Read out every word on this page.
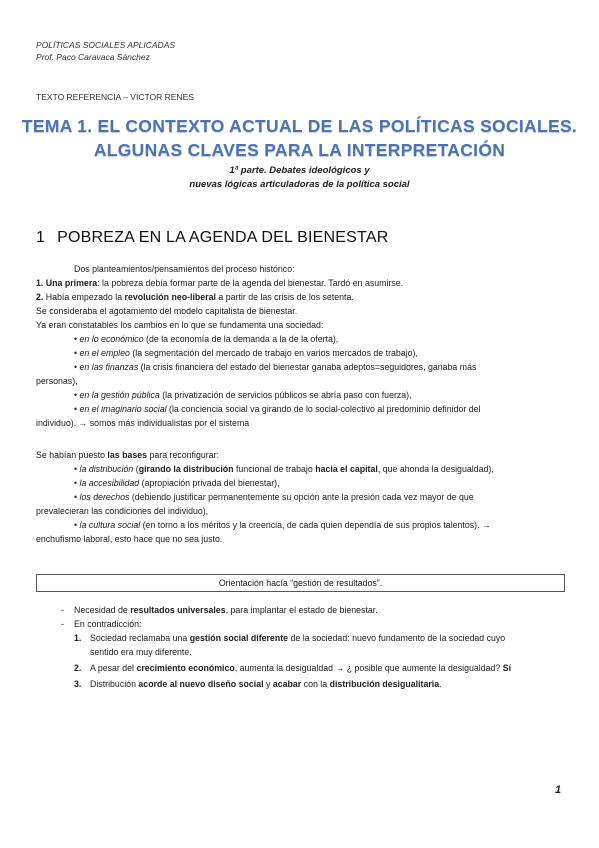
POLÍTICAS SOCIALES APLICADAS
Prof. Paco Caravaca Sánchez
TEXTO REFERENCIA – VICTOR RENES
TEMA 1. EL CONTEXTO ACTUAL DE LAS POLÍTICAS SOCIALES.
ALGUNAS CLAVES PARA LA INTERPRETACIÓN
1ª parte. Debates ideológicos y
nuevas lógicas articuladoras de la política social
1 POBREZA EN LA AGENDA DEL BIENESTAR
Dos planteamientos/pensamientos del proceso histórico:
1. Una primera: la pobreza debía formar parte de la agenda del bienestar. Tardó en asumirse.
2. Había empezado la revolución neo-liberal a partir de las crisis de los setenta.
Se consideraba el agotamiento del modelo capitalista de bienestar.
Ya eran constatables los cambios en lo que se fundamenta una sociedad:
• en lo económico (de la economía de la demanda a la de la oferta),
• en el empleo (la segmentación del mercado de trabajo en varios mercados de trabajo),
• en las finanzas (la crisis financiera del estado del bienestar ganaba adeptos=seguidores, ganaba más
personas),
• en la gestión pública (la privatización de servicios públicos se abría paso con fuerza),
• en el imaginario social (la conciencia social va girando de lo social-colectivo al predominio definidor del
individuo). → somos más individualistas por el sistema
Se habían puesto las bases para reconfigurar:
• la distribución (girando la distribución funcional de trabajo hacia el capital, que ahonda la desigualdad),
• la accesibilidad (apropiación privada del bienestar),
• los derechos (debiendo justificar permanentemente su opción ante la presión cada vez mayor de que
prevalecieran las condiciones del individuo),
• la cultura social (en torno a los méritos y la creencia, de cada quien dependía de sus propios talentos). →
enchufismo laboral, esto hace que no sea justo.
Orientación hacía “gestión de resultados”.
- Necesidad de resultados universales, para implantar el estado de bienestar.
- En contradicción:
1. Sociedad reclamaba una gestión social diferente de la sociedad: nuevo fundamento de la sociedad cuyo
sentido era muy diferente.
2. A pesar del crecimiento económico, aumenta la desigualdad → ¿ posible que aumente la desigualdad? Sí
3. Distribución acorde al nuevo diseño social y acabar con la distribución desigualitaria.
1
